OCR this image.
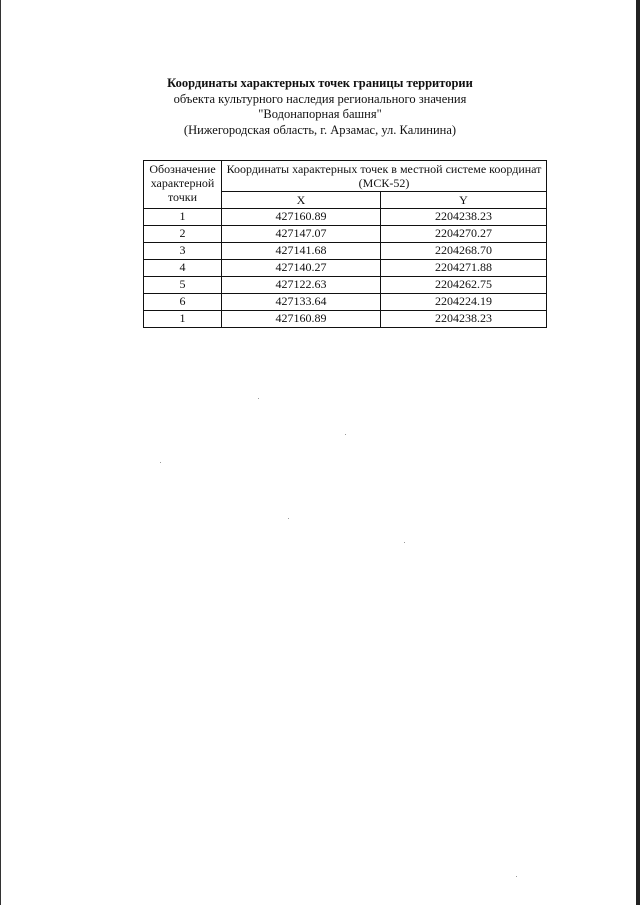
Координаты характерных точек границы территории
объекта культурного наследия регионального значения
"Водонапорная башня"
(Нижегородская область, г. Арзамас, ул. Калинина)
Обозначение характерной точки	Координаты характерных точек в местной системе координат (МСК-52)	
	X	Y
1	427160.89	2204238.23
2	427147.07	2204270.27
3	427141.68	2204268.70
4	427140.27	2204271.88
5	427122.63	2204262.75
6	427133.64	2204224.19
1	427160.89	2204238.23
